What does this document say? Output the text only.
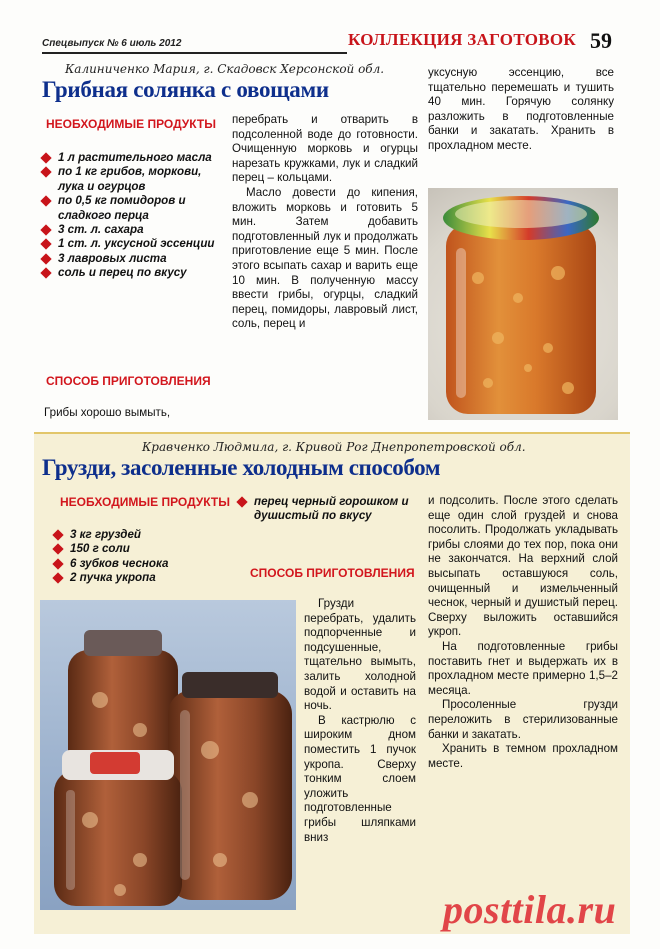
Спецвыпуск № 6 июль 2012	КОЛЛЕКЦИЯ ЗАГОТОВОК 59
Калиниченко Мария, г. Скадовск Херсонской обл.
Грибная солянка с овощами
НЕОБХОДИМЫЕ ПРОДУКТЫ
1 л растительного масла
по 1 кг грибов, моркови, лука и огурцов
по 0,5 кг помидоров и сладкого перца
3 ст. л. сахара
1 ст. л. уксусной эссенции
3 лавровых листа
соль и перец по вкусу
СПОСОБ ПРИГОТОВЛЕНИЯ
Грибы хорошо вымыть,

перебрать и отварить в подсоленной воде до готовности. Очищенную морковь и огурцы нарезать кружками, лук и сладкий перец – кольцами.

Масло довести до кипения, вложить морковь и готовить 5 мин. Затем добавить подготовленный лук и продолжать приготовление еще 5 мин. После этого всыпать сахар и варить еще 10 мин. В полученную массу ввести грибы, огурцы, сладкий перец, помидоры, лавровый лист, соль, перец и

уксусную эссенцию, все тщательно перемешать и тушить 40 мин. Горячую солянку разложить в подготовленные банки и закатать. Хранить в прохладном месте.

Кравченко Людмила, г. Кривой Рог Днепропетровской обл.
Грузди, засоленные холодным способом
НЕОБХОДИМЫЕ ПРОДУКТЫ
3 кг груздей
150 г соли
6 зубков чеснока
2 пучка укропа
перец черный горошком и душистый по вкусу
СПОСОБ ПРИГОТОВЛЕНИЯ

Грузди перебрать, удалить подпорченные и подсушенные, тщательно вымыть, залить холодной водой и оставить на ночь.

В кастрюлю с широким дном поместить 1 пучок укропа. Сверху тонким слоем уложить подготовленные грибы шляпками вниз

и подсолить. После этого сделать еще один слой груздей и снова посолить. Продолжать укладывать грибы слоями до тех пор, пока они не закончатся. На верхний слой высыпать оставшуюся соль, очищенный и измельченный чеснок, черный и душистый перец. Сверху выложить оставшийся укроп.

На подготовленные грибы поставить гнет и выдержать их в прохладном месте примерно 1,5–2 месяца.

Просоленные грузди переложить в стерилизованные банки и закатать.

Хранить в темном прохладном месте.

posttila.ru
